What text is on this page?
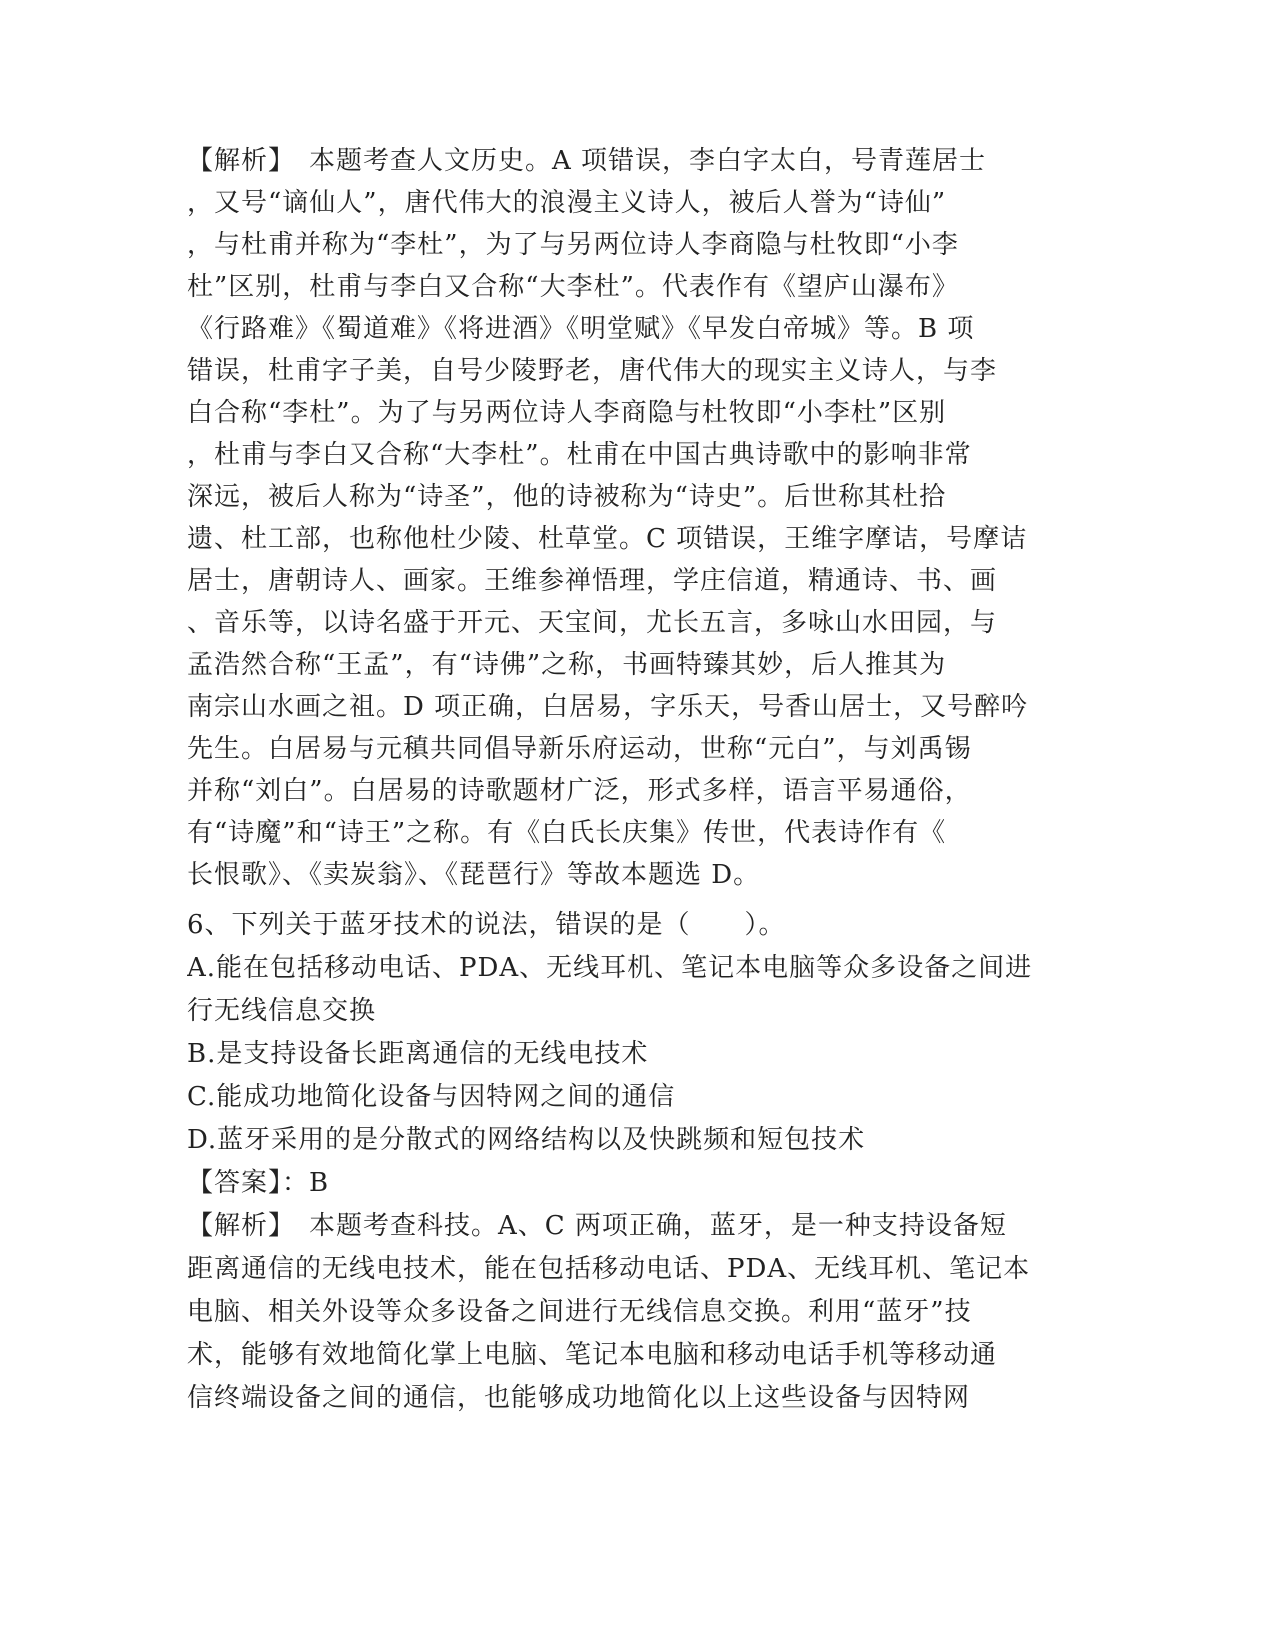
【解析】　本题考查人文历史。A 项错误，李白字太白，号青莲居士
，又号“谪仙人”，唐代伟大的浪漫主义诗人，被后人誉为“诗仙”
，与杜甫并称为“李杜”，为了与另两位诗人李商隐与杜牧即“小李
杜”区别，杜甫与李白又合称“大李杜”。代表作有《望庐山瀑布》
《行路难》《蜀道难》《将进酒》《明堂赋》《早发白帝城》等。B 项
错误，杜甫字子美，自号少陵野老，唐代伟大的现实主义诗人，与李
白合称“李杜”。为了与另两位诗人李商隐与杜牧即“小李杜”区别
，杜甫与李白又合称“大李杜”。杜甫在中国古典诗歌中的影响非常
深远，被后人称为“诗圣”，他的诗被称为“诗史”。后世称其杜拾
遗、杜工部，也称他杜少陵、杜草堂。C 项错误，王维字摩诘，号摩诘
居士，唐朝诗人、画家。王维参禅悟理，学庄信道，精通诗、书、画
、音乐等，以诗名盛于开元、天宝间，尤长五言，多咏山水田园，与
孟浩然合称“王孟”，有“诗佛”之称，书画特臻其妙，后人推其为
南宗山水画之祖。D 项正确，白居易，字乐天，号香山居士，又号醉吟
先生。白居易与元稹共同倡导新乐府运动，世称“元白”，与刘禹锡
并称“刘白”。白居易的诗歌题材广泛，形式多样，语言平易通俗，
有“诗魔”和“诗王”之称。有《白氏长庆集》传世，代表诗作有《
长恨歌》、《卖炭翁》、《琵琶行》等故本题选 D。
6、下列关于蓝牙技术的说法，错误的是（　　）。
A.能在包括移动电话、PDA、无线耳机、笔记本电脑等众多设备之间进
行无线信息交换
B.是支持设备长距离通信的无线电技术
C.能成功地简化设备与因特网之间的通信
D.蓝牙采用的是分散式的网络结构以及快跳频和短包技术
【答案】：B
【解析】　本题考查科技。A、C 两项正确，蓝牙，是一种支持设备短
距离通信的无线电技术，能在包括移动电话、PDA、无线耳机、笔记本
电脑、相关外设等众多设备之间进行无线信息交换。利用“蓝牙”技
术，能够有效地简化掌上电脑、笔记本电脑和移动电话手机等移动通
信终端设备之间的通信，也能够成功地简化以上这些设备与因特网
